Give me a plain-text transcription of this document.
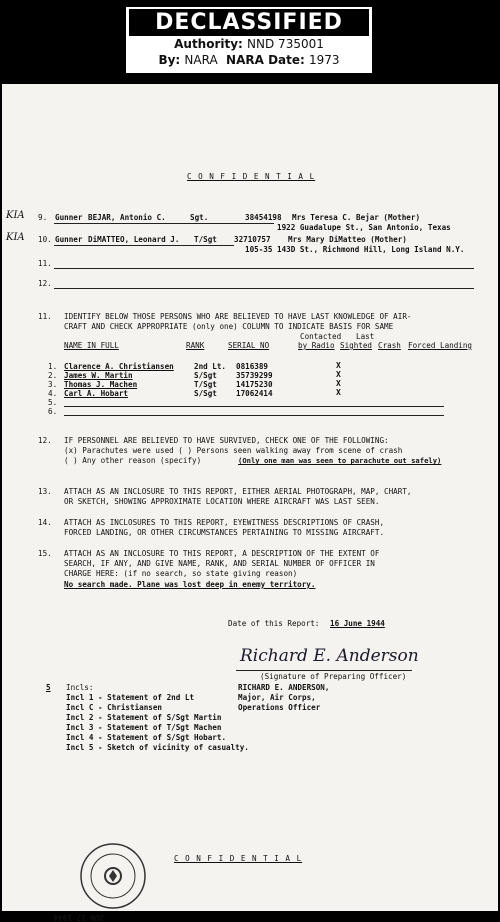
DECLASSIFIED
Authority: NND 735001
By: NARA NARA Date: 1973
C O N F I D E N T I A L
KIA 9. Gunner BEJAR, Antonio C.	Sgt.	38454198 Mrs Teresa C. Bejar (Mother)
1922 Guadalupe St., San Antonio, Texas
KIA 10. Gunner DiMATTEO, Leonard J. T/Sgt 32710757 Mrs Mary DiMatteo (Mother)
105-35 143D St., Richmond Hill, Long Island N.Y.
11.
12.
11. IDENTIFY BELOW THOSE PERSONS WHO ARE BELIEVED TO HAVE LAST KNOWLEDGE OF AIR-
CRAFT AND CHECK APPROPRIATE (only one) COLUMN TO INDICATE BASIS FOR SAME
Contacted Last
NAME IN FULL	RANK	SERIAL NO	by Radio Sighted Crash Forced Landing
1. Clarence A. Christiansen	2nd Lt. 0816389	X
2. James W. Martin	S/Sgt	35739299	X
3. Thomas J. Machen	T/Sgt	14175230	X
4. Carl A. Hobart	S/Sgt	17062414	X
5.
6.
12. IF PERSONNEL ARE BELIEVED TO HAVE SURVIVED, CHECK ONE OF THE FOLLOWING:
(x) Parachutes were used ( ) Persons seen walking away from scene of crash
( ) Any other reason (specify)	(Only one man was seen to parachute out safely)
13. ATTACH AS AN INCLOSURE TO THIS REPORT, EITHER AERIAL PHOTOGRAPH, MAP, CHART,
OR SKETCH, SHOWING APPROXIMATE LOCATION WHERE AIRCRAFT WAS LAST SEEN.
14. ATTACH AS INCLOSURES TO THIS REPORT, EYEWITNESS DESCRIPTIONS OF CRASH,
FORCED LANDING, OR OTHER CIRCUMSTANCES PERTAINING TO MISSING AIRCRAFT.
15. ATTACH AS AN INCLOSURE TO THIS REPORT, A DESCRIPTION OF THE EXTENT OF
SEARCH, IF ANY, AND GIVE NAME, RANK, AND SERIAL NUMBER OF OFFICER IN
CHARGE HERE: (if no search, so state giving reason)
No search made. Plane was lost deep in enemy territory.
Date of this Report: 16 June 1944
Richard E. Anderson
(Signature of Preparing Officer)
RICHARD E. ANDERSON,
Major, Air Corps,
Operations Officer
5 Incls:
Incl 1 - Statement of 2nd Lt
Incl C - Christiansen
Incl 2 - Statement of S/Sgt Martin
Incl 3 - Statement of T/Sgt Machen
Incl 4 - Statement of S/Sgt Hobart.
Incl 5 - Sketch of vicinity of casualty.
JUN 17 1944
C O N F I D E N T I A L
